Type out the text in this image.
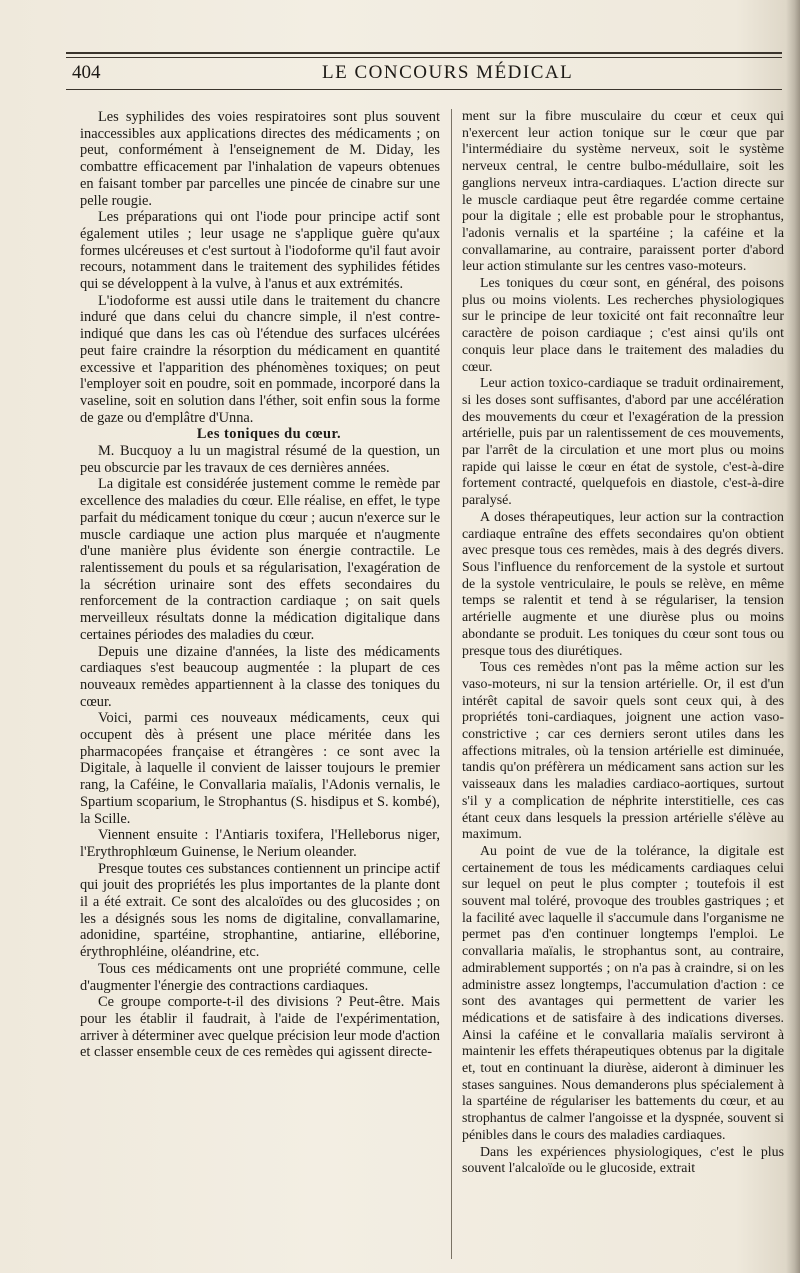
404	LE CONCOURS MÉDICAL

Les syphilides des voies respiratoires sont plus souvent inaccessibles aux applications directes des médicaments ; on peut, conformément à l'enseignement de M. Diday, les combattre efficacement par l'inhalation de vapeurs obtenues en faisant tomber par parcelles une pincée de cinabre sur une pelle rougie.

Les préparations qui ont l'iode pour principe actif sont également utiles ; leur usage ne s'applique guère qu'aux formes ulcéreuses et c'est surtout à l'iodoforme qu'il faut avoir recours, notamment dans le traitement des syphilides fétides qui se développent à la vulve, à l'anus et aux extrémités.

L'iodoforme est aussi utile dans le traitement du chancre induré que dans celui du chancre simple, il n'est contre-indiqué que dans les cas où l'étendue des surfaces ulcérées peut faire craindre la résorption du médicament en quantité excessive et l'apparition des phénomènes toxiques; on peut l'employer soit en poudre, soit en pommade, incorporé dans la vaseline, soit en solution dans l'éther, soit enfin sous la forme de gaze ou d'emplâtre d'Unna.

Les toniques du cœur.

M. Bucquoy a lu un magistral résumé de la question, un peu obscurcie par les travaux de ces dernières années.

La digitale est considérée justement comme le remède par excellence des maladies du cœur. Elle réalise, en effet, le type parfait du médicament tonique du cœur ; aucun n'exerce sur le muscle cardiaque une action plus marquée et n'augmente d'une manière plus évidente son énergie contractile. Le ralentissement du pouls et sa régularisation, l'exagération de la sécrétion urinaire sont des effets secondaires du renforcement de la contraction cardiaque ; on sait quels merveilleux résultats donne la médication digitalique dans certaines périodes des maladies du cœur.

Depuis une dizaine d'années, la liste des médicaments cardiaques s'est beaucoup augmentée : la plupart de ces nouveaux remèdes appartiennent à la classe des toniques du cœur.

Voici, parmi ces nouveaux médicaments, ceux qui occupent dès à présent une place méritée dans les pharmacopées française et étrangères : ce sont avec la Digitale, à laquelle il convient de laisser toujours le premier rang, la Caféine, le Convallaria maïalis, l'Adonis vernalis, le Spartium scoparium, le Strophantus (S. hisdipus et S. kombé), la Scille.

Viennent ensuite : l'Antiaris toxifera, l'Helleborus niger, l'Erythrophlœum Guinense, le Nerium oleander.

Presque toutes ces substances contiennent un principe actif qui jouit des propriétés les plus importantes de la plante dont il a été extrait. Ce sont des alcaloïdes ou des glucosides ; on les a désignés sous les noms de digitaline, convallamarine, adonidine, spartéine, strophantine, antiarine, elléborine, érythrophléine, oléandrine, etc.

Tous ces médicaments ont une propriété commune, celle d'augmenter l'énergie des contractions cardiaques.

Ce groupe comporte-t-il des divisions ? Peut-être. Mais pour les établir il faudrait, à l'aide de l'expérimentation, arriver à déterminer avec quelque précision leur mode d'action et classer ensemble ceux de ces remèdes qui agissent directe-

ment sur la fibre musculaire du cœur et ceux qui n'exercent leur action tonique sur le cœur que par l'intermédiaire du système nerveux, soit le système nerveux central, le centre bulbo-médullaire, soit les ganglions nerveux intra-cardiaques. L'action directe sur le muscle cardiaque peut être regardée comme certaine pour la digitale ; elle est probable pour le strophantus, l'adonis vernalis et la spartéine ; la caféine et la convallamarine, au contraire, paraissent porter d'abord leur action stimulante sur les centres vaso-moteurs.

Les toniques du cœur sont, en général, des poisons plus ou moins violents. Les recherches physiologiques sur le principe de leur toxicité ont fait reconnaître leur caractère de poison cardiaque ; c'est ainsi qu'ils ont conquis leur place dans le traitement des maladies du cœur.

Leur action toxico-cardiaque se traduit ordinairement, si les doses sont suffisantes, d'abord par une accélération des mouvements du cœur et l'exagération de la pression artérielle, puis par un ralentissement de ces mouvements, par l'arrêt de la circulation et une mort plus ou moins rapide qui laisse le cœur en état de systole, c'est-à-dire fortement contracté, quelquefois en diastole, c'est-à-dire paralysé.

A doses thérapeutiques, leur action sur la contraction cardiaque entraîne des effets secondaires qu'on obtient avec presque tous ces remèdes, mais à des degrés divers. Sous l'influence du renforcement de la systole et surtout de la systole ventriculaire, le pouls se relève, en même temps se ralentit et tend à se régulariser, la tension artérielle augmente et une diurèse plus ou moins abondante se produit. Les toniques du cœur sont tous ou presque tous des diurétiques.

Tous ces remèdes n'ont pas la même action sur les vaso-moteurs, ni sur la tension artérielle. Or, il est d'un intérêt capital de savoir quels sont ceux qui, à des propriétés toni-cardiaques, joignent une action vaso-constrictive ; car ces derniers seront utiles dans les affections mitrales, où la tension artérielle est diminuée, tandis qu'on préfèrera un médicament sans action sur les vaisseaux dans les maladies cardiaco-aortiques, surtout s'il y a complication de néphrite interstitielle, ces cas étant ceux dans lesquels la pression artérielle s'élève au maximum.

Au point de vue de la tolérance, la digitale est certainement de tous les médicaments cardiaques celui sur lequel on peut le plus compter ; toutefois il est souvent mal toléré, provoque des troubles gastriques ; et la facilité avec laquelle il s'accumule dans l'organisme ne permet pas d'en continuer longtemps l'emploi. Le convallaria maïalis, le strophantus sont, au contraire, admirablement supportés ; on n'a pas à craindre, si on les administre assez longtemps, l'accumulation d'action : ce sont des avantages qui permettent de varier les médications et de satisfaire à des indications diverses. Ainsi la caféine et le convallaria maïalis serviront à maintenir les effets thérapeutiques obtenus par la digitale et, tout en continuant la diurèse, aideront à diminuer les stases sanguines. Nous demanderons plus spécialement à la spartéine de régulariser les battements du cœur, et au strophantus de calmer l'angoisse et la dyspnée, souvent si pénibles dans le cours des maladies cardiaques.

Dans les expériences physiologiques, c'est le plus souvent l'alcaloïde ou le glucoside, extrait
